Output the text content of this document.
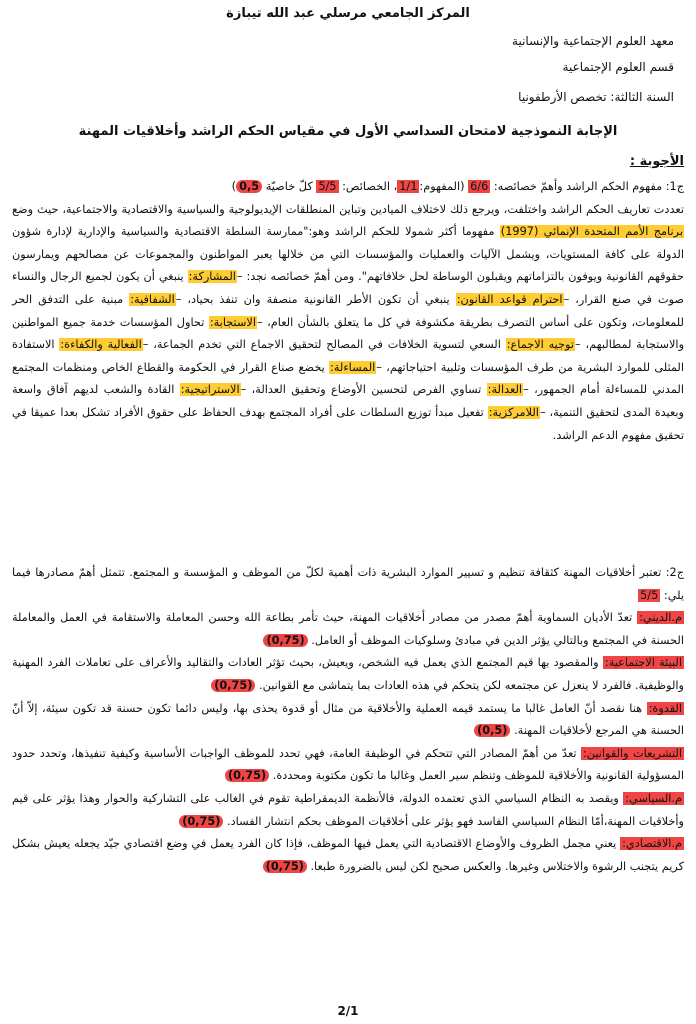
المركز الجامعي مرسلي عبد الله تيبازة
معهد العلوم الإجتماعية والإنسانية
قسم العلوم الإجتماعية
السنة الثالثة: تخصص الأرطفونيا
الإجابة النموذجية لامتحان السداسي الأول في مقياس الحكم الراشد وأخلاقيات المهنة
الأجوبة :
ج1: مفهوم الحكم الراشد وأهمّ خصائصه: 6/6 (المفهوم:1/1، الخصائص: 5/5 كلّ خاصيّة 0,5)
تعددت تعاريف الحكم الراشد واختلفت، ويرجع ذلك لاختلاف الميادين وتباين المنطلقات الإيديولوجية والسياسية والاقتصادية والاجتماعية، حيث وضع برنامج الأمم المتحدة الإنمائي (1997) مفهوما أكثر شمولا للحكم الراشد وهو:"ممارسة السلطة الاقتصادية والسياسية والإدارية لإدارة شؤون الدولة على كافة المستويات، ويشمل الآليات والعمليات والمؤسسات التي من خلالها يعبر المواطنون والمجموعات عن مصالحهم ويمارسون حقوقهم القانونية ويوفون بالتزاماتهم ويقبلون الوساطة لحل خلافاتهم". ومن أهمّ خصائصه نجد: –المشاركة: ينبغي أن يكون لجميع الرجال والنساء صوت في صنع القرار، –احترام قواعد القانون: ينبغي أن تكون الأطر القانونية منصفة وان تنفذ بحياد، –الشفافية: مبنية على التدفق الحر للمعلومات، وتكون على أساس التصرف بطريقة مكشوفة في كل ما يتعلق بالشأن العام، –الاستجابة: تحاول المؤسسات خدمة جميع المواطنين والاستجابة لمطالبهم، –توجيه الاجماع: السعي لتسوية الخلافات في المصالح لتحقيق الاجماع التي تخدم الجماعة، –الفعالية والكفاءة: الاستفادة المثلى للموارد البشرية من طرف المؤسسات وتلبية احتياجاتهم، –المساءلة: يخضع صناع القرار في الحكومة والقطاع الخاص ومنظمات المجتمع المدني للمساءلة أمام الجمهور، –العدالة: تساوي الفرص لتحسين الأوضاع وتحقيق العدالة، –الاستراتيجية: القادة والشعب لديهم آفاق واسعة وبعيدة المدى لتحقيق التنمية، –اللامركزية: تفعيل مبدأ توزيع السلطات على أفراد المجتمع بهدف الحفاظ على حقوق الأفراد تشكل بعدا عميقا في تحقيق مفهوم الدعم الراشد.
ج2: تعتبر أخلاقيات المهنة كثقافة تنظيم و تسيير الموارد البشرية ذات أهمية لكلّ من الموظف و المؤسسة و المجتمع. تتمثل أهمّ مصادرها فيما يلي: 5/5
م.الديني: تعدّ الأديان السماوية أهمّ مصدر من مصادر أخلاقيات المهنة، حيث تأمر بطاعة الله وحسن المعاملة والاستقامة في العمل والمعاملة الحسنة في المجتمع وبالتالي يؤثر الدين في مبادئ وسلوكيات الموظف أو العامل. (0,75)
البيئة الاجتماعية: والمقصود بها قيم المجتمع الذي يعمل فيه الشخص، ويعيش، بحيث تؤثر العادات والتقاليد والأعراف على تعاملات الفرد المهنية والوظيفية. فالفرد لا ينعزل عن مجتمعه لكن يتحكم في هذه العادات بما يتماشى مع القوانين. (0,75)
القدوة: هنا نقصد أنّ العامل غالبا ما يستمد قيمه العملية والأخلاقية من مثال أو قدوة يحذى بها، وليس دائما تكون حسنة قد تكون سيئة، إلاّ أنّ الحسنة هي المرجع لأخلاقيات المهنة. (0,5)
التشريعات والقوانين: تعدّ من أهمّ المصادر التي تتحكم في الوظيفة العامة، فهي تحدد للموظف الواجبات الأساسية وكيفية تنفيذها، وتحدد حدود المسؤولية القانونية والأخلاقية للموظف وتنظم سير العمل وغالبا ما تكون مكتوبة ومحددة. (0,75)
م.السياسي: ويقصد به النظام السياسي الذي تعتمده الدولة، فالأنظمة الديمقراطية تقوم في الغالب على التشاركية والحوار وهذا يؤثر على قيم وأخلاقيات المهنة،أمّا النظام السياسي الفاسد فهو يؤثر على أخلاقيات الموظف بحكم انتشار الفساد. (0,75)
م.الاقتصادي: يعني مجمل الظروف والأوضاع الاقتصادية التي يعمل فيها الموظف، فإذا كان الفرد يعمل في وضع اقتصادي جيّد يجعله يعيش بشكل كريم يتجنب الرشوة والاختلاس وغيرها. والعكس صحيح لكن ليس بالضرورة طبعا. (0,75)
2/1
